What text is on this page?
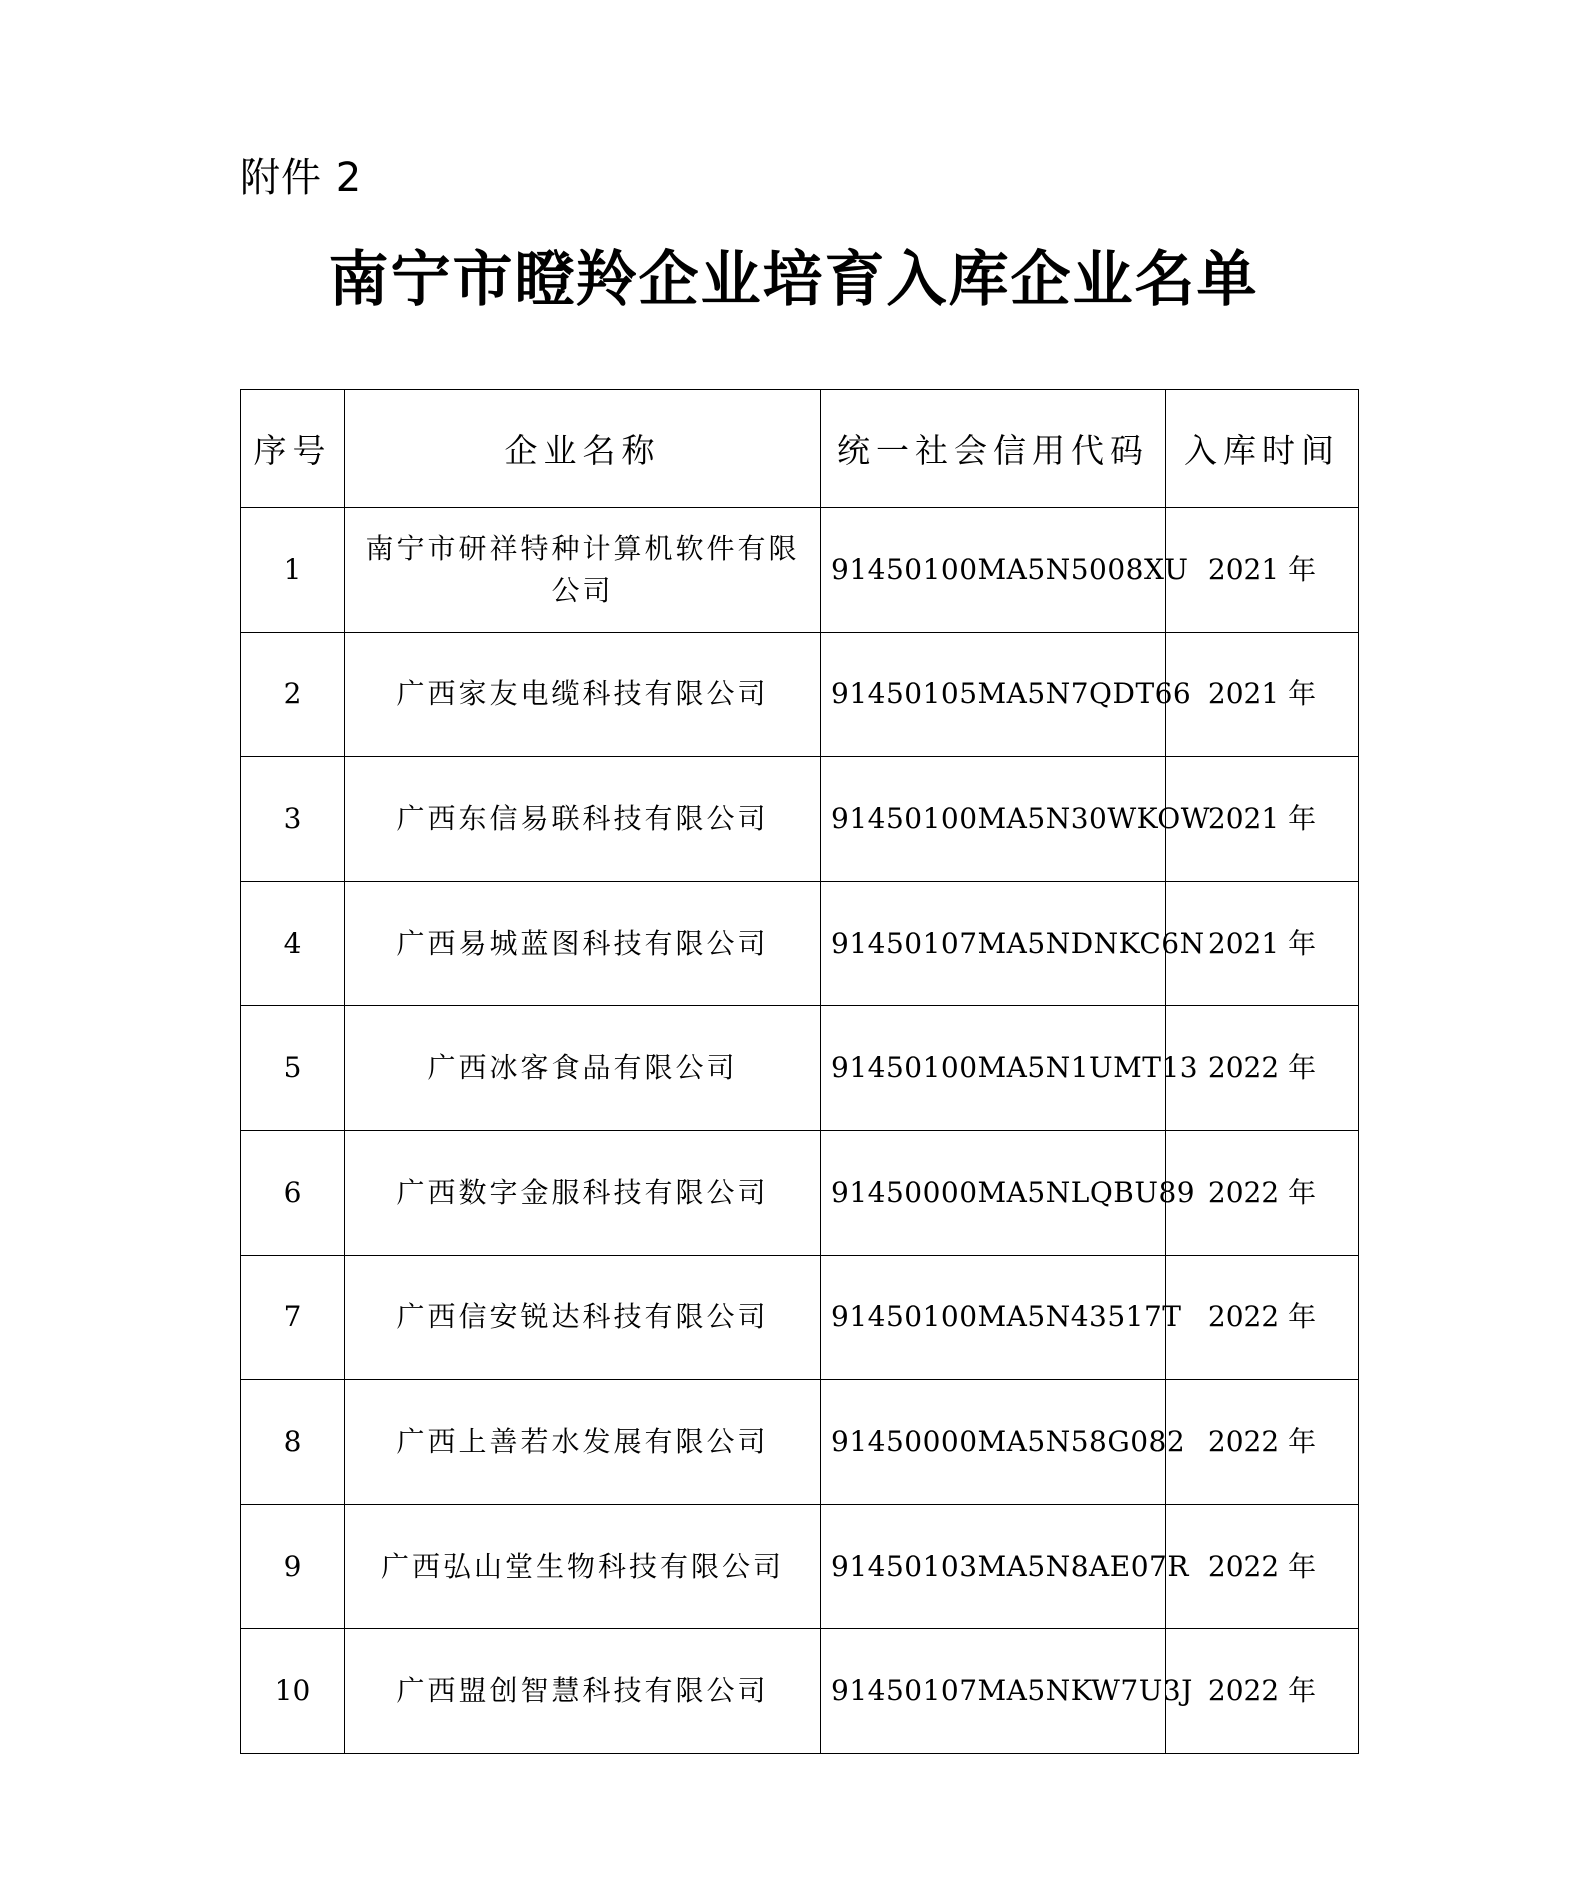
附件 2
南宁市瞪羚企业培育入库企业名单
序号	企业名称	统一社会信用代码	入库时间
1	南宁市研祥特种计算机软件有限公司	91450100MA5N5008XU	2021 年
2	广西家友电缆科技有限公司	91450105MA5N7QDT66	2021 年
3	广西东信易联科技有限公司	91450100MA5N30WKOW	2021 年
4	广西易城蓝图科技有限公司	91450107MA5NDNKC6N	2021 年
5	广西冰客食品有限公司	91450100MA5N1UMT13	2022 年
6	广西数字金服科技有限公司	91450000MA5NLQBU89	2022 年
7	广西信安锐达科技有限公司	91450100MA5N43517T	2022 年
8	广西上善若水发展有限公司	91450000MA5N58G082	2022 年
9	广西弘山堂生物科技有限公司	91450103MA5N8AE07R	2022 年
10	广西盟创智慧科技有限公司	91450107MA5NKW7U3J	2022 年
